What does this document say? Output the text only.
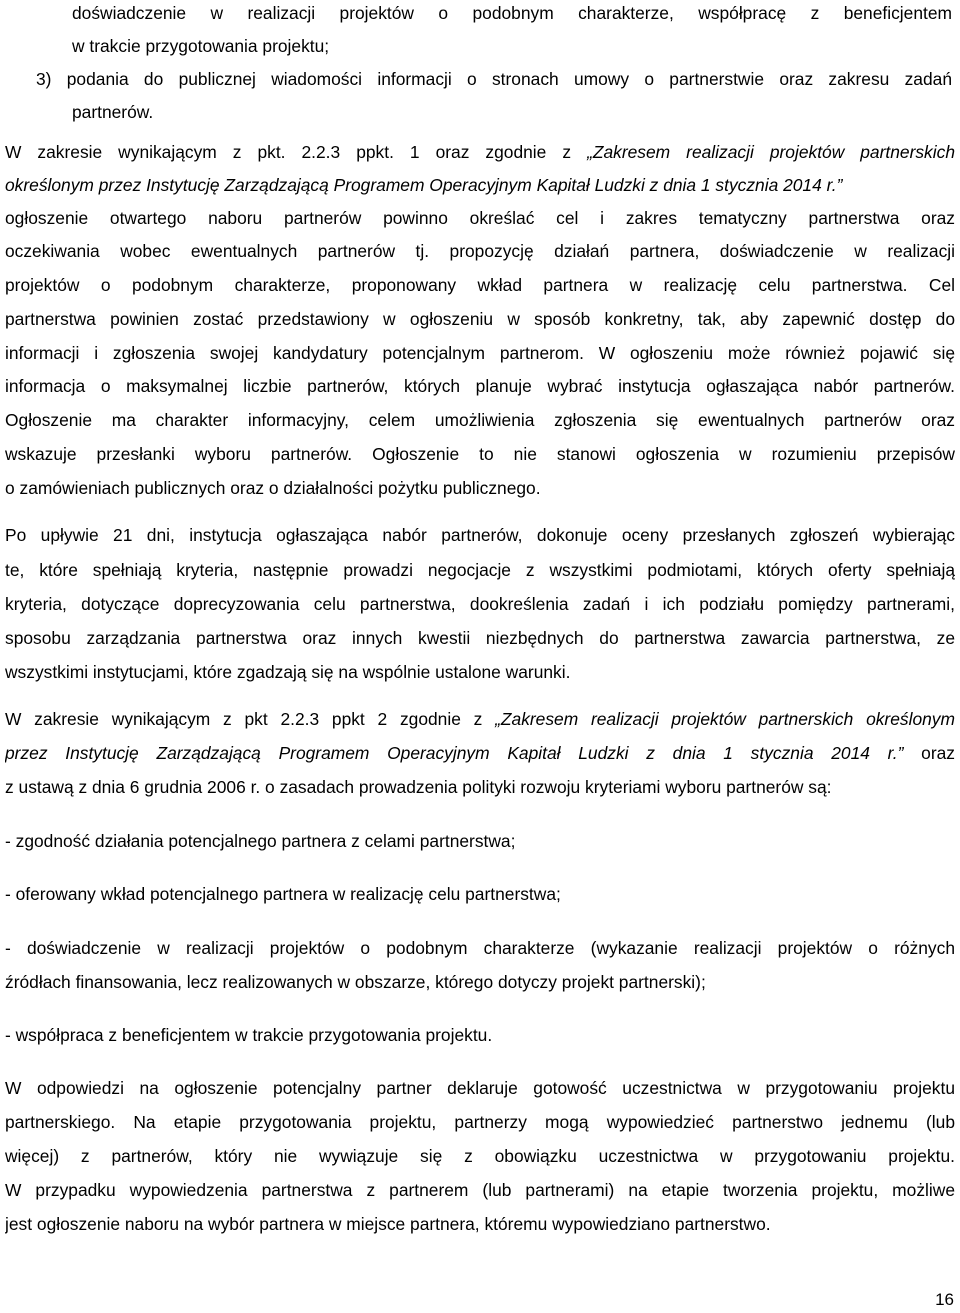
doświadczenie w realizacji projektów o podobnym charakterze, współpracę z beneficjentem
w trakcie przygotowania projektu;
3) podania do publicznej wiadomości informacji o stronach umowy o partnerstwie oraz zakresu zadań
partnerów.
W zakresie wynikającym z pkt. 2.2.3 ppkt. 1 oraz zgodnie z „Zakresem realizacji projektów partnerskich
określonym przez Instytucję Zarządzającą Programem Operacyjnym Kapitał Ludzki z dnia 1 stycznia 2014 r.”
ogłoszenie otwartego naboru partnerów powinno określać cel i zakres tematyczny partnerstwa oraz
oczekiwania wobec ewentualnych partnerów tj. propozycję działań partnera, doświadczenie w realizacji
projektów o podobnym charakterze, proponowany wkład partnera w realizację celu partnerstwa. Cel
partnerstwa powinien zostać przedstawiony w ogłoszeniu w sposób konkretny, tak, aby zapewnić dostęp do
informacji i zgłoszenia swojej kandydatury potencjalnym partnerom. W ogłoszeniu może również pojawić się
informacja o maksymalnej liczbie partnerów, których planuje wybrać instytucja ogłaszająca nabór partnerów.
Ogłoszenie ma charakter informacyjny, celem umożliwienia zgłoszenia się ewentualnych partnerów oraz
wskazuje przesłanki wyboru partnerów. Ogłoszenie to nie stanowi ogłoszenia w rozumieniu przepisów
o zamówieniach publicznych oraz o działalności pożytku publicznego.
Po upływie 21 dni, instytucja ogłaszająca nabór partnerów, dokonuje oceny przesłanych zgłoszeń wybierając
te, które spełniają kryteria, następnie prowadzi negocjacje z wszystkimi podmiotami, których oferty spełniają
kryteria, dotyczące doprecyzowania celu partnerstwa, dookreślenia zadań i ich podziału pomiędzy partnerami,
sposobu zarządzania partnerstwa oraz innych kwestii niezbędnych do partnerstwa zawarcia partnerstwa, ze
wszystkimi instytucjami, które zgadzają się na wspólnie ustalone warunki.
W zakresie wynikającym z pkt 2.2.3 ppkt 2 zgodnie z „Zakresem realizacji projektów partnerskich określonym
przez Instytucję Zarządzającą Programem Operacyjnym Kapitał Ludzki z dnia 1 stycznia 2014 r.” oraz
z ustawą z dnia 6 grudnia 2006 r. o zasadach prowadzenia polityki rozwoju kryteriami wyboru partnerów są:
- zgodność działania potencjalnego partnera z celami partnerstwa;
- oferowany wkład potencjalnego partnera w realizację celu partnerstwa;
- doświadczenie w realizacji projektów o podobnym charakterze (wykazanie realizacji projektów o różnych
źródłach finansowania, lecz realizowanych w obszarze, którego dotyczy projekt partnerski);
- współpraca z beneficjentem w trakcie przygotowania projektu.
W odpowiedzi na ogłoszenie potencjalny partner deklaruje gotowość uczestnictwa w przygotowaniu projektu
partnerskiego. Na etapie przygotowania projektu, partnerzy mogą wypowiedzieć partnerstwo jednemu (lub
więcej) z partnerów, który nie wywiązuje się z obowiązku uczestnictwa w przygotowaniu projektu.
W przypadku wypowiedzenia partnerstwa z partnerem (lub partnerami) na etapie tworzenia projektu, możliwe
jest ogłoszenie naboru na wybór partnera w miejsce partnera, któremu wypowiedziano partnerstwo.
16
